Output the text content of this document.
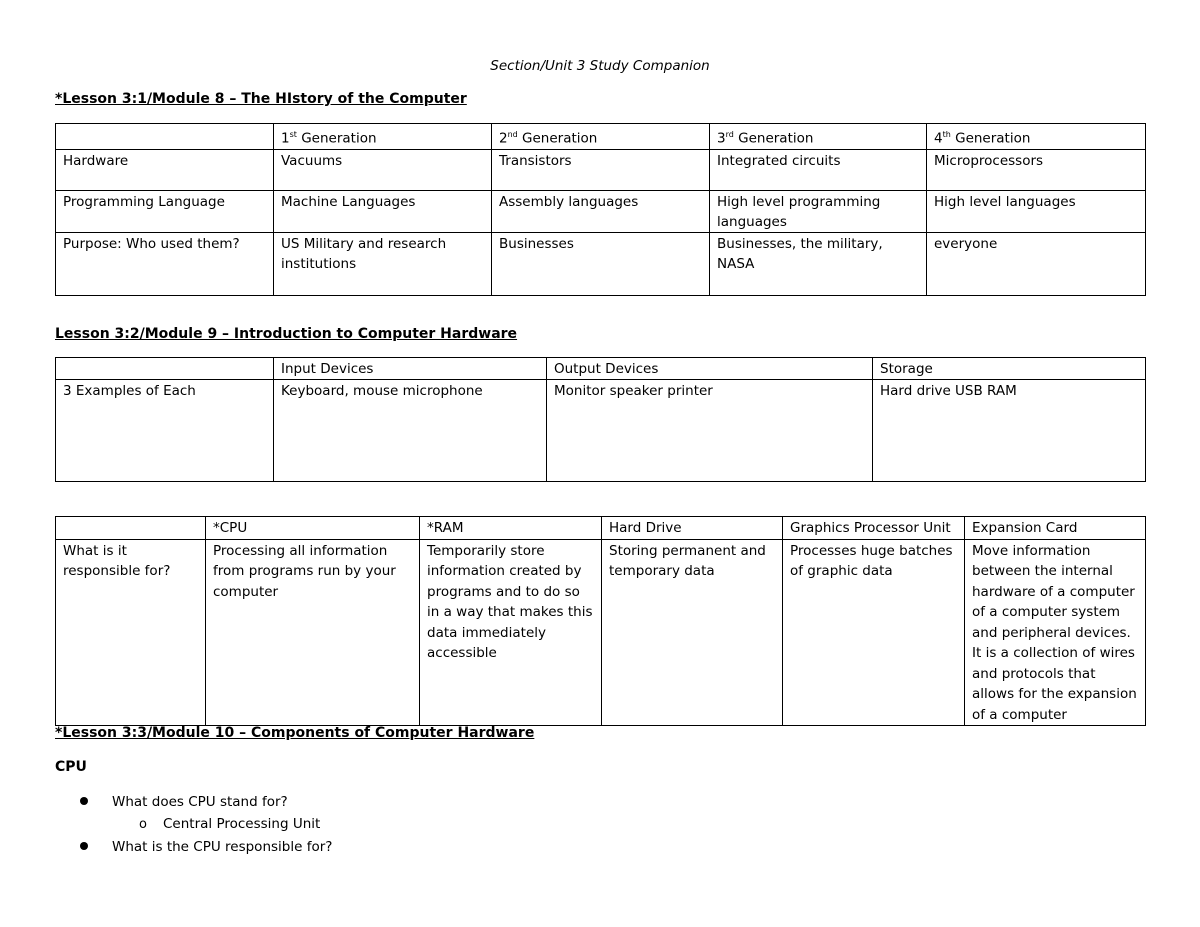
Section/Unit 3 Study Companion
*Lesson 3:1/Module 8 – The HIstory of the Computer
	1st Generation	2nd Generation	3rd Generation	4th Generation
Hardware	Vacuums	Transistors	Integrated circuits	Microprocessors
Programming Language	Machine Languages	Assembly languages	High level programming languages	High level languages
Purpose: Who used them?	US Military and research institutions	Businesses	Businesses, the military, NASA	everyone
Lesson 3:2/Module 9 – Introduction to Computer Hardware
	Input Devices	Output Devices	Storage
3 Examples of Each	Keyboard, mouse microphone	Monitor speaker printer	Hard drive USB RAM
	*CPU	*RAM	Hard Drive	Graphics Processor Unit	Expansion Card
What is it responsible for?	Processing all information from programs run by your computer	Temporarily store information created by programs and to do so in a way that makes this data immediately accessible	Storing permanent and temporary data	Processes huge batches of graphic data	Move information between the internal hardware of a computer of a computer system and peripheral devices. It is a collection of wires and protocols that allows for the expansion of a computer
*Lesson 3:3/Module 10 – Components of Computer Hardware
CPU
What does CPU stand for?
o Central Processing Unit
What is the CPU responsible for?
